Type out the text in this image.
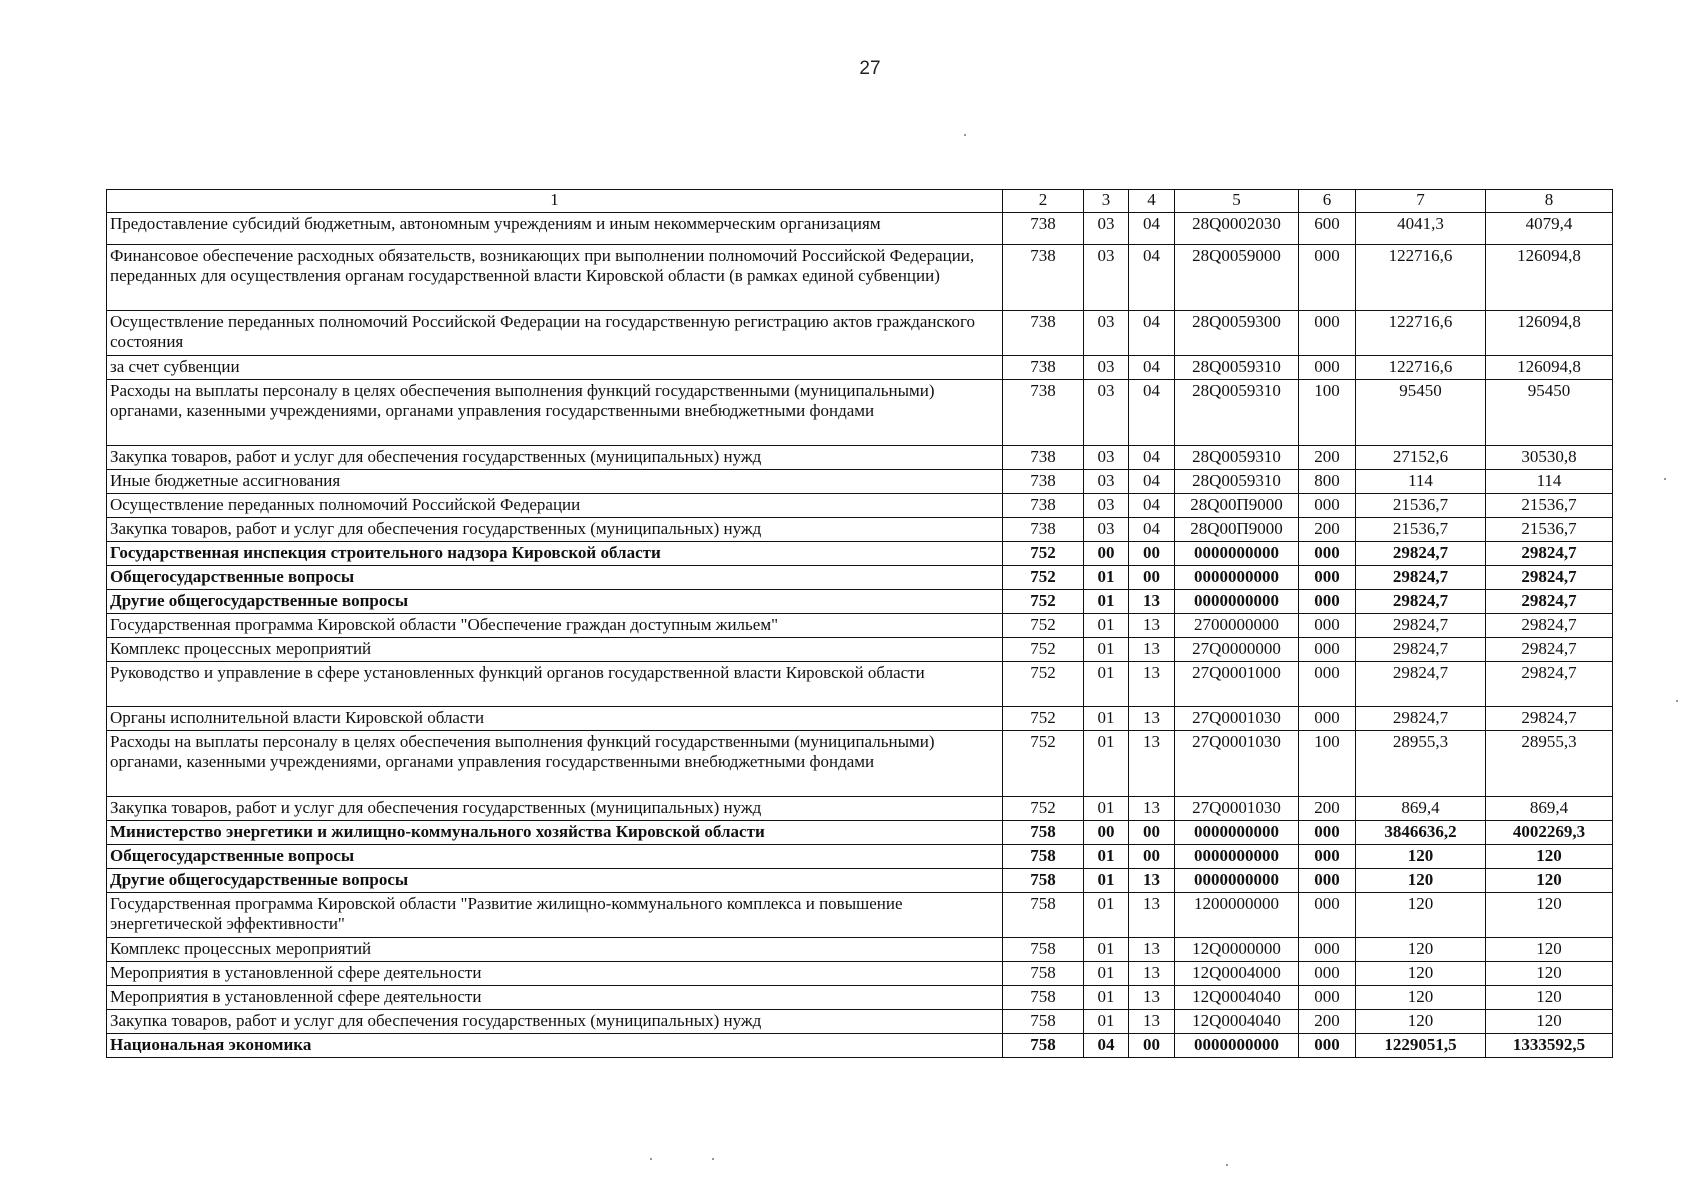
27
1	2	3	4	5	6	7	8
Предоставление субсидий бюджетным, автономным учреждениям и иным некоммерческим организациям	738	03	04	28Q0002030	600	4041,3	4079,4
Финансовое обеспечение расходных обязательств, возникающих при выполнении полномочий Российской Федерации, переданных для осуществления органам государственной власти Кировской области (в рамках единой субвенции)	738	03	04	28Q0059000	000	122716,6	126094,8
Осуществление переданных полномочий Российской Федерации на государственную регистрацию актов гражданского состояния	738	03	04	28Q0059300	000	122716,6	126094,8
за счет субвенции	738	03	04	28Q0059310	000	122716,6	126094,8
Расходы на выплаты персоналу в целях обеспечения выполнения функций государственными (муниципальными) органами, казенными учреждениями, органами управления государственными внебюджетными фондами	738	03	04	28Q0059310	100	95450	95450
Закупка товаров, работ и услуг для обеспечения государственных (муниципальных) нужд	738	03	04	28Q0059310	200	27152,6	30530,8
Иные бюджетные ассигнования	738	03	04	28Q0059310	800	114	114
Осуществление переданных полномочий Российской Федерации	738	03	04	28Q00П9000	000	21536,7	21536,7
Закупка товаров, работ и услуг для обеспечения государственных (муниципальных) нужд	738	03	04	28Q00П9000	200	21536,7	21536,7
Государственная инспекция строительного надзора Кировской области	752	00	00	0000000000	000	29824,7	29824,7
Общегосударственные вопросы	752	01	00	0000000000	000	29824,7	29824,7
Другие общегосударственные вопросы	752	01	13	0000000000	000	29824,7	29824,7
Государственная программа Кировской области "Обеспечение граждан доступным жильем"	752	01	13	2700000000	000	29824,7	29824,7
Комплекс процессных мероприятий	752	01	13	27Q0000000	000	29824,7	29824,7
Руководство и управление в сфере установленных функций органов государственной власти Кировской области	752	01	13	27Q0001000	000	29824,7	29824,7
Органы исполнительной власти Кировской области	752	01	13	27Q0001030	000	29824,7	29824,7
Расходы на выплаты персоналу в целях обеспечения выполнения функций государственными (муниципальными) органами, казенными учреждениями, органами управления государственными внебюджетными фондами	752	01	13	27Q0001030	100	28955,3	28955,3
Закупка товаров, работ и услуг для обеспечения государственных (муниципальных) нужд	752	01	13	27Q0001030	200	869,4	869,4
Министерство энергетики и жилищно-коммунального хозяйства Кировской области	758	00	00	0000000000	000	3846636,2	4002269,3
Общегосударственные вопросы	758	01	00	0000000000	000	120	120
Другие общегосударственные вопросы	758	01	13	0000000000	000	120	120
Государственная программа Кировской области "Развитие жилищно-коммунального комплекса и повышение энергетической эффективности"	758	01	13	1200000000	000	120	120
Комплекс процессных мероприятий	758	01	13	12Q0000000	000	120	120
Мероприятия в установленной сфере деятельности	758	01	13	12Q0004000	000	120	120
Мероприятия в установленной сфере деятельности	758	01	13	12Q0004040	000	120	120
Закупка товаров, работ и услуг для обеспечения государственных (муниципальных) нужд	758	01	13	12Q0004040	200	120	120
Национальная экономика	758	04	00	0000000000	000	1229051,5	1333592,5
